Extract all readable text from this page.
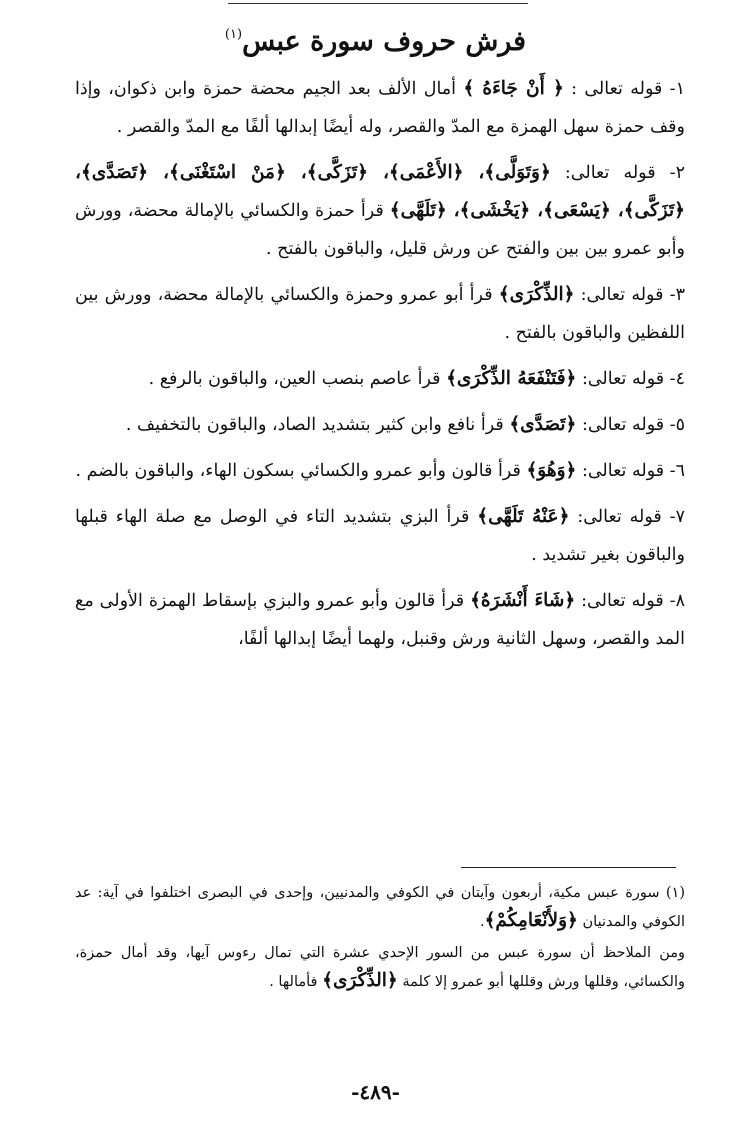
فرش حروف سورة عبس$^{(١)}$

١- قوله تعالى : ﴿ أَنْ جَاءَهُ ﴾ أمال الألف بعد الجيم محضة حمزة وابن ذكوان، وإذا وقف حمزة سهل الهمزة مع المدّ والقصر، وله أيضًا إبدالها ألفًا مع المدّ والقصر .

٢- قوله تعالى: ﴿وَتَوَلَّى﴾، ﴿الأَعْمَى﴾، ﴿تَزَكَّى﴾، ﴿مَنْ اسْتَغْنَى﴾، ﴿تَصَدَّى﴾، ﴿تَزَكَّى﴾، ﴿يَسْعَى﴾، ﴿يَخْشَى﴾، ﴿تَلَهَّى﴾ قرأ حمزة والكسائي بالإمالة محضة، وورش وأبو عمرو بين بين والفتح عن ورش قليل، والباقون بالفتح .

٣- قوله تعالى: ﴿الذِّكْرَى﴾ قرأ أبو عمرو وحمزة والكسائي بالإمالة محضة، وورش بين اللفظين والباقون بالفتح .

٤- قوله تعالى: ﴿فَتَنْفَعَهُ الذِّكْرَى﴾ قرأ عاصم بنصب العين، والباقون بالرفع .

٥- قوله تعالى: ﴿تَصَدَّى﴾ قرأ نافع وابن كثير بتشديد الصاد، والباقون بالتخفيف .

٦- قوله تعالى: ﴿وَهُوَ﴾ قرأ قالون وأبو عمرو والكسائي بسكون الهاء، والباقون بالضم .

٧- قوله تعالى: ﴿عَنْهُ تَلَهَّى﴾ قرأ البزي بتشديد التاء في الوصل مع صلة الهاء قبلها والباقون بغير تشديد .

٨- قوله تعالى: ﴿شَاءَ أَنْشَرَهُ﴾ قرأ قالون وأبو عمرو والبزي بإسقاط الهمزة الأولى مع المد والقصر، وسهل الثانية ورش وقنبل، ولهما أيضًا إبدالها ألفًا،

(١) سورة عبس مكية، أربعون وآيتان في الكوفي والمدنيين، وإحدى في البصرى اختلفوا في آية: عد الكوفي والمدنيان ﴿وَلأَنْعَامِكُمْ﴾.

ومن الملاحظ أن سورة عبس من السور الإحدي عشرة التي تمال رءوس آيها، وقد أمال حمزة، والكسائي، وقللها ورش وقللها أبو عمرو إلا كلمة ﴿الذِّكْرَى﴾ فأمالها .

-٤٨٩-
